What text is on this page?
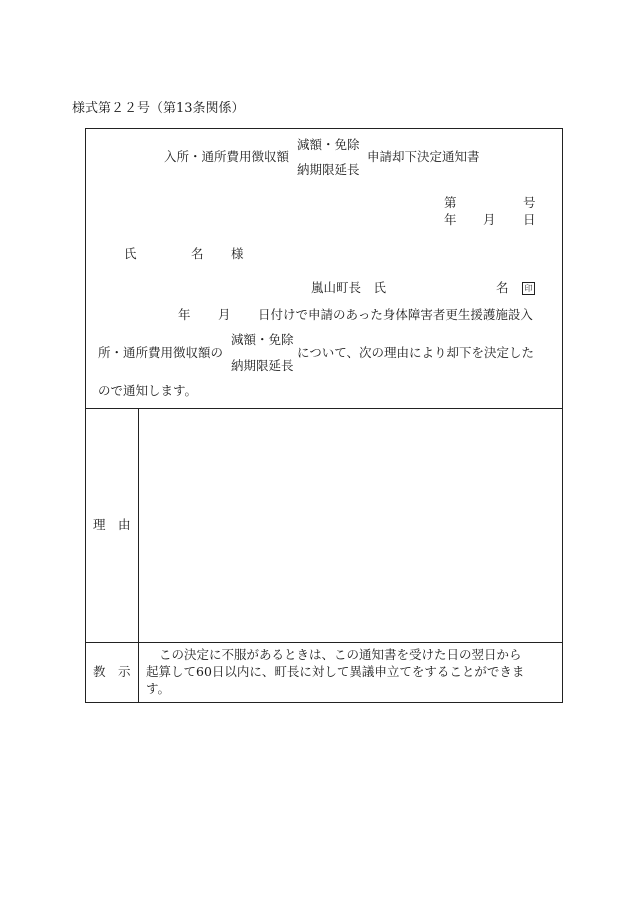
様式第２２号（第13条関係）
減額・免除
入所・通所費用徴収額	申請却下決定通知書
納期限延長
第	号
年 月 日
氏	名 様
嵐山町長　氏	名	印
年 月 日付けで申請のあった身体障害者更生援護施設入
減額・免除
所・通所費用徴収額の	について、次の理由により却下を決定した
納期限延長
ので通知します。
理 由
教 示
この決定に不服があるときは、この通知書を受けた日の翌日から
起算して60日以内に、町長に対して異議申立てをすることができま
す。
